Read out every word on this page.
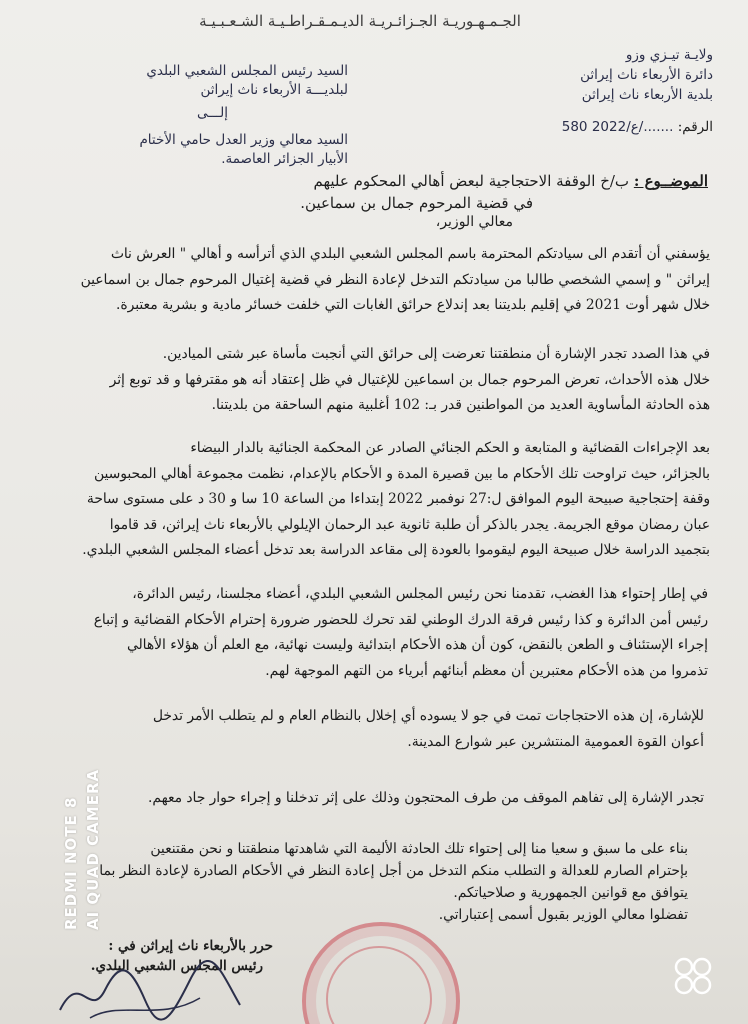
الجـمـهـوريـة الجـزائـريـة الديـمـقـراطـيـة الشـعـبـيـة
ولايـة تيـزي وزو
دائرة الأربعاء ناث إيراثن
بلدية الأربعاء ناث إيراثن
الرقم: ......./ع/2022 580
السيد رئيس المجلس الشعبي البلدي
لبلديـــة الأربعاء ناث إيراثن
إلـــى
السيد معالي وزير العدل حامي الأختام
الأبيار الجزائر العاصمة.
الموضــوع : ب/خ الوقفة الاحتجاجية لبعض أهالي المحكوم عليهم
في قضية المرحوم جمال بن سماعين.
معالي الوزير،

يؤسفني أن أتقدم الى سيادتكم المحترمة باسم المجلس الشعبي البلدي الذي أترأسه و أهالي " العرش ناث

إيراثن " و إسمي الشخصي طالبا من سيادتكم التدخل لإعادة النظر في قضية إغتيال المرحوم جمال بن اسماعين

خلال شهر أوت 2021 في إقليم بلديتنا بعد إندلاع حرائق الغابات التي خلفت خسائر مادية و بشرية معتبرة.

في هذا الصدد تجدر الإشارة أن منطقتنا تعرضت إلى حرائق التي أنجبت مأساة عبر شتى الميادين.

خلال هذه الأحداث، تعرض المرحوم جمال بن اسماعين للإغتيال في ظل إعتقاد أنه هو مقترفها و قد توبع إثر

هذه الحادثة المأساوية العديد من المواطنين قدر بـ: 102 أغلبية منهم الساحقة من بلديتنا.

بعد الإجراءات القضائية و المتابعة و الحكم الجنائي الصادر عن المحكمة الجنائية بالدار البيضاء

بالجزائر، حيث تراوحت تلك الأحكام ما بين قصيرة المدة و الأحكام بالإعدام، نظمت مجموعة أهالي المحبوسين

وقفة إحتجاجية صبيحة اليوم الموافق ل:27 نوفمبر 2022 إبتداءا من الساعة 10 سا و 30 د على مستوى ساحة

عبان رمضان موقع الجريمة. يجدر بالذكر أن طلبة ثانوية عبد الرحمان الإيلولي بالأربعاء ناث إيراثن، قد قاموا

بتجميد الدراسة خلال صبيحة اليوم ليقوموا بالعودة إلى مقاعد الدراسة بعد تدخل أعضاء المجلس الشعبي البلدي.

في إطار إحتواء هذا الغضب، تقدمنا نحن رئيس المجلس الشعبي البلدي، أعضاء مجلسنا، رئيس الدائرة،

رئيس أمن الدائرة و كذا رئيس فرقة الدرك الوطني لقد تحرك للحضور ضرورة إحترام الأحكام القضائية و إتباع

إجراء الإستئناف و الطعن بالنقض، كون أن هذه الأحكام ابتدائية وليست نهائية، مع العلم أن هؤلاء الأهالي

تذمروا من هذه الأحكام معتبرين أن معظم أبنائهم أبرياء من التهم الموجهة لهم.

للإشارة، إن هذه الاحتجاجات تمت في جو لا يسوده أي إخلال بالنظام العام و لم يتطلب الأمر تدخل

أعوان القوة العمومية المنتشرين عبر شوارع المدينة.

تجدر الإشارة إلى تفاهم الموقف من طرف المحتجون وذلك على إثر تدخلنا و إجراء حوار جاد معهم.

بناء على ما سبق و سعيا منا إلى إحتواء تلك الحادثة الأليمة التي شاهدتها منطقتنا و نحن مقتنعين

بإحترام الصارم للعدالة و التطلب منكم التدخل من أجل إعادة النظر في الأحكام الصادرة لإعادة النظر بما

يتوافق مع قوانين الجمهورية و صلاحياتكم.

تفضلوا معالي الوزير بقبول أسمى إعتباراتي.

حرر بالأربعاء ناث إيراثن في :
رئيس المجلس الشعبي البلدي.
REDMI NOTE 8 AI QUAD CAMERA
